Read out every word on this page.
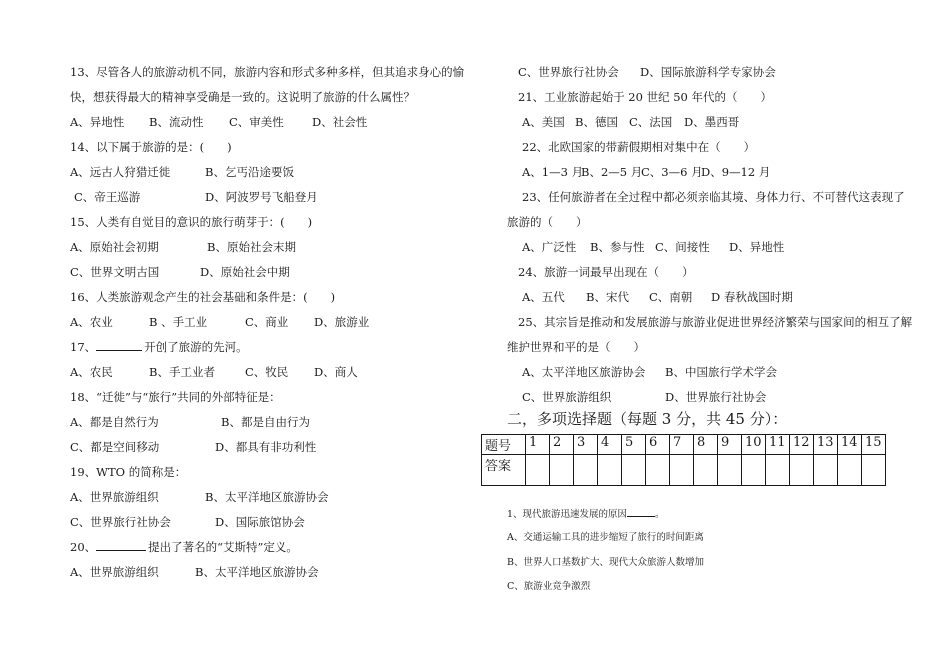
13、尽管各人的旅游动机不同，旅游内容和形式多种多样，但其追求身心的愉
快，想获得最大的精神享受确是一致的。这说明了旅游的什么属性？
A、异地性 B、流动性 C、审美性 D、社会性
14、以下属于旅游的是：(　　)
A、远古人狩猎迁徙	B、乞丐沿途要饭
C、帝王巡游	D、阿波罗号飞船登月
15、人类有自觉目的意识的旅行萌芽于：(　　)
A、原始社会初期	B、原始社会末期
C、世界文明古国	D、原始社会中期
16、人类旅游观念产生的社会基础和条件是：(　　)
A、农业	B 、手工业	C、商业 D、旅游业
17、	开创了旅游的先河。
A、农民	B、手工业者	C、牧民 D、商人
18、“迁徙”与“旅行”共同的外部特征是：
A、都是自然行为	B、都是自由行为
C、都是空间移动	D、都具有非功利性
19、WTO 的简称是：
A、世界旅游组织	B、太平洋地区旅游协会
C、世界旅行社协会	D、国际旅馆协会
20、	提出了著名的“艾斯特”定义。
A、世界旅游组织	B、太平洋地区旅游协会
C、世界旅行社协会 D、国际旅游科学专家协会
21、工业旅游起始于 20 世纪 50 年代的（　　）
A、美国 B、德国 C、法国 D、墨西哥
22、北欧国家的带薪假期相对集中在（　　）
A、1—3 月B、2—5 月C、3—6 月D、9—12 月
23、任何旅游者在全过程中都必须亲临其境、身体力行、不可替代这表现了
旅游的（　　）
A、广泛性 B、参与性 C、间接性 D、异地性
24、旅游一词最早出现在（　　）
A、五代 B、宋代 C、南朝 D 春秋战国时期
25、其宗旨是推动和发展旅游与旅游业促进世界经济繁荣与国家间的相互了解
维护世界和平的是（　　）
A、太平洋地区旅游协会 B、中国旅行学术学会
C、世界旅游组织	D、世界旅行社协会
二，多项选择题（每题 3 分，共 45 分）：
题号	1	2	3	4	5	6	7	8	9	10	11	12	13	14	15
答案															
1、现代旅游迅速发展的原因	。
A、交通运输工具的进步缩短了旅行的时间距离
B、世界人口基数扩大、现代大众旅游人数增加
C、旅游业竞争激烈
